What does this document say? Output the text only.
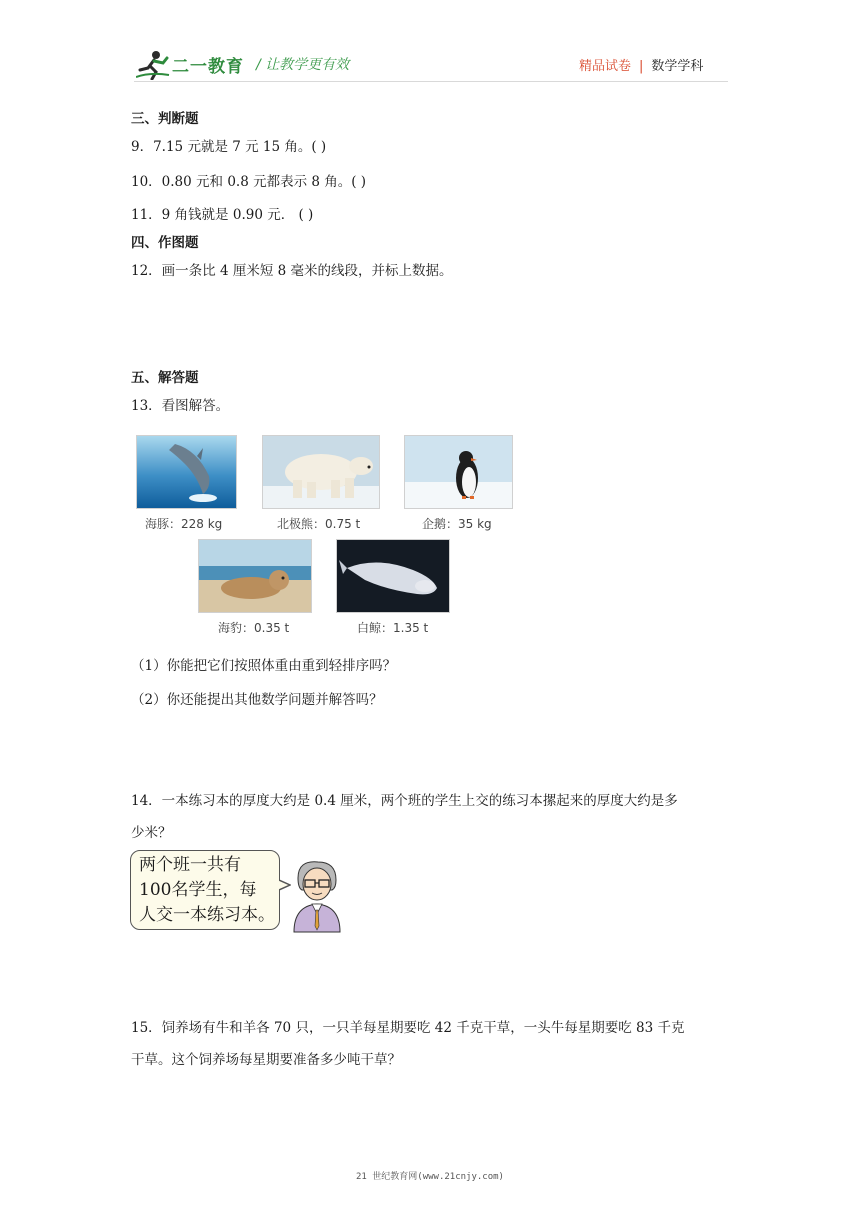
二一教育 / 让教学更有效	精品试卷 | 数学学科
三、判断题
9．7.15 元就是 7 元 15 角。( )
10．0.80 元和 0.8 元都表示 8 角。( )
11．9 角钱就是 0.90 元． ( )
四、作图题
12．画一条比 4 厘米短 8 毫米的线段，并标上数据。
五、解答题
13．看图解答。
海豚：228 kg	北极熊：0.75 t	企鹅：35 kg
海豹：0.35 t	白鲸：1.35 t
（1）你能把它们按照体重由重到轻排序吗？
（2）你还能提出其他数学问题并解答吗？
14．一本练习本的厚度大约是 0.4 厘米，两个班的学生上交的练习本摞起来的厚度大约是多
少米？
两个班一共有
100名学生，每
人交一本练习本。
15．饲养场有牛和羊各 70 只，一只羊每星期要吃 42 千克干草，一头牛每星期要吃 83 千克
干草。这个饲养场每星期要准备多少吨干草？
21 世纪教育网(www.21cnjy.com)
